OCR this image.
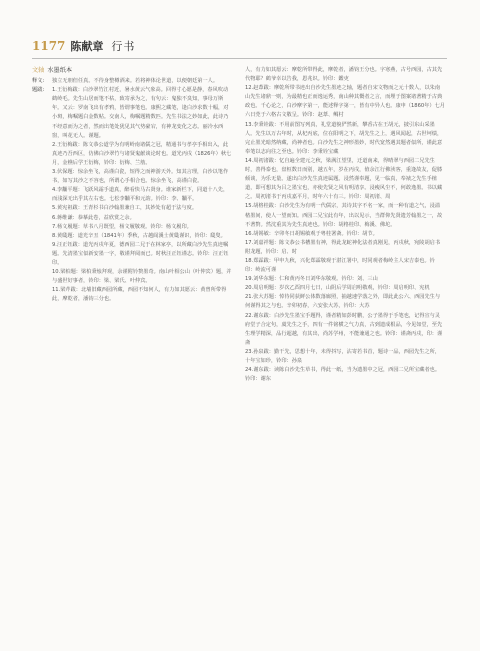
1177 陈献章 行书
文轴 水墨纸本
释文:	独立无朋但任真。不待身整樽酒来。若将神体论世道，以便朝廷第一人。
题跋:	1.王衍梅跋：白沙翠竹江村近，暑水黄云气象高。回得寸心愿是静，春风吹动鹤岭毛。先生山居而笔不枯，致寄承为之，有句云：鬼独不臭知，事母万斯年。又云：罗南飞出有孝鸦，皆谓事笔也。康熙之藏笔，逢白沙求数十幅，对小斑，梅嘱题白金数帖。交南人，梅嘱题精数匹。先生书法之妙如此，此诗乃不经意而为之者，然而出笔处犹见其气势豪宕，有神龙变化之态。丽冷水西窗，叫花无人。谨题。

2.王衍梅跋：陈文恭公道学为有明岭南诸儒之冠，精通书与孝亭手相出入，此真迹乃吾西区，仿佛白沙翠竹与诸贤鬼献谈论时也。道光丙戌（1826年）秋七月，金樵后学王衍梅，铃印：衍梅、兰舫。

3.伏保题：惊余坐飞，高谨白瓷，短得之而神游天外。知其言理，白沙以笔作书，如写其沙之不容也，所谓心手相合也。惊余坐飞，高谨白瓷。

4.李黼平题：飞跃风霜手道真，醉看快马古贤身。谁家新栏下，同道十八先，而浅深无出乎其左右也。七松李黼平和元韵。钤印：李、黼平。

5.黄宪祖跋：王青杉书白沙翰墨兼自工，其妙处有超于法与度。

6.蒋维谦：恭摹此卷，益欣赏之余。

7.杨文履题：草书八月既望，杨文履敬观。铃印：杨文履印。

8.黄瓞题：道光辛丑（1841年）季秋，古越阆溪士黄瓞谨识，铃印：瓞叟。

9.汪正钰跋：道光丙戌年夏，德西园二兄于在林家亭，以所藏白沙先生真迹嘱题。先清墨宝似新安墨一字，敬谨拜阅而已。时秋汪正钰谨志。铃印：汪正钰印。

10.梁柏题：梁柏秉烛拜观，余谨附钤赘墨奇。南山叶相公山（叶仲宾）题，并与盛世好事者，铃印：梁、梁氏、叶仲宾。

11.梁芹跋：北墙旧藏西园所藏，西园不知何人，有力如其愿云：黄曾所带得此，摩乾者，潘钧三分也。

人，有力如其愿云：摩乾所带得此，摩乾者，潘钧王分也。字寒燕，古号西园，古其先代物耶？鹤爷幸以告我，恩兆识。钤印：鑑吏

12.赵葦跋：摩乾所带书迹出自沙先生墨迹之轴，题者自宋文物而之元十数人，以朱南山先生诸鼎一则，为最精也正而逸运秀，南山种其慨者之言，而埋于图案诸著精于古典政也。千心论之，白沙摩字第一，能述释字第一，皆有中异人也。康申（1860年）七月六日莞于六格古文敬呈。铃印：赵葦、鲷村

13.李秉铨跋：不用前图写列真，礼堂道貌俨然新，攀香古在王胡元，披引东山采墨人。先生以万古年时，从杞丙底，位在阳明之下，胡先生之上，遇风闻起，古世坷绩，完止墨光暗然纳藏，尚神者也。白沙先生之神形墨妙，时代宽然遇其题者似所，谨此意奉笔以志向往之至也。钤印：李秉铨宝藏

14.周初渚跋：忆自遍全建元之秋，梁满江望里，迁道南来，得晴翠与西园二兄先生时，善得泰也，盘桓数日而别，越五年，岁在丙戌，值余江行佛渎客，重逢故友，促膝倾谈，为乐无量。遂出白沙先生真迹属题。浸然谨奉题，见一临真，奉裱之先生手植道，即可想其为吕之墨宝也，亦使先贤之风有明清享。浸瘦风尘不，何敢逸墨。书以藏之。周初渚书于丙戌嘉平月，时年六十有三。钤印：周初渚、周

15.胡格桂跋：白沙先生为有明一代儒宗，其诗其字不名一家，而一种有道之气，浸溢楮墨间，使人一望而知。西园二兄宝此有年，出以见示，当群仰先贤遗芳翰墨之一，故不著赘。然沈重其为先生真迹也。钤印：胡格桂印、梅溪、佛坨。

16.胡锡敏：辛卯冬日胡锡敏观于粤桂署斋。钤印：胡节。

17.刘嘉祥题：陈文恭公书槽墨有神，得此龙蛇神化法者真刚见，丙戌秋，宛陵胡启书附龙题，钤印：启、时

18.郑霖跋：甲申九秋，兴化郑霖敬观于湛江署中，时同观者梅岭主人宋吉泰也。钤印：岭流可谨

19.刘华东题：仁和黄丙冬日刘华东敬观。钤印：刘、三山

20.周启明题：岁次乙酉四月七日，山阴后学周启明敬观，钤印：周启明印、宪机

21.张大苏题：悼待同获鲜公体数落廊照，抽越速学落之外，即此此公六、西园先生与何谨得其之与也。辛卯初春，六安张大苏，钤印：大苏

22.谢东跋：白沙先生墨宝手题得，谨者精如彭时鹏，公子墨得于手笔也，记得宣与灵府堂子合定句，虞先生之手，四有一件铭横之气力真，古到遗成根品，今见如堂，至先生理学精深，品行超越，有其出，尚苏学州，不能兼通之也。铃印：谨斋丙戌，印：谨斋

23.孙泉跋：勤干先，思想十年，未得抖写，沾寄若书首，题诗一品，西园先生之所，十年宝如珍，铃印：孙泉

24.谢东跋：读陈白沙先生草书，得此一纸，当为遗墨中之冠，西园二兄所宝藏者也。钤印：谢东
